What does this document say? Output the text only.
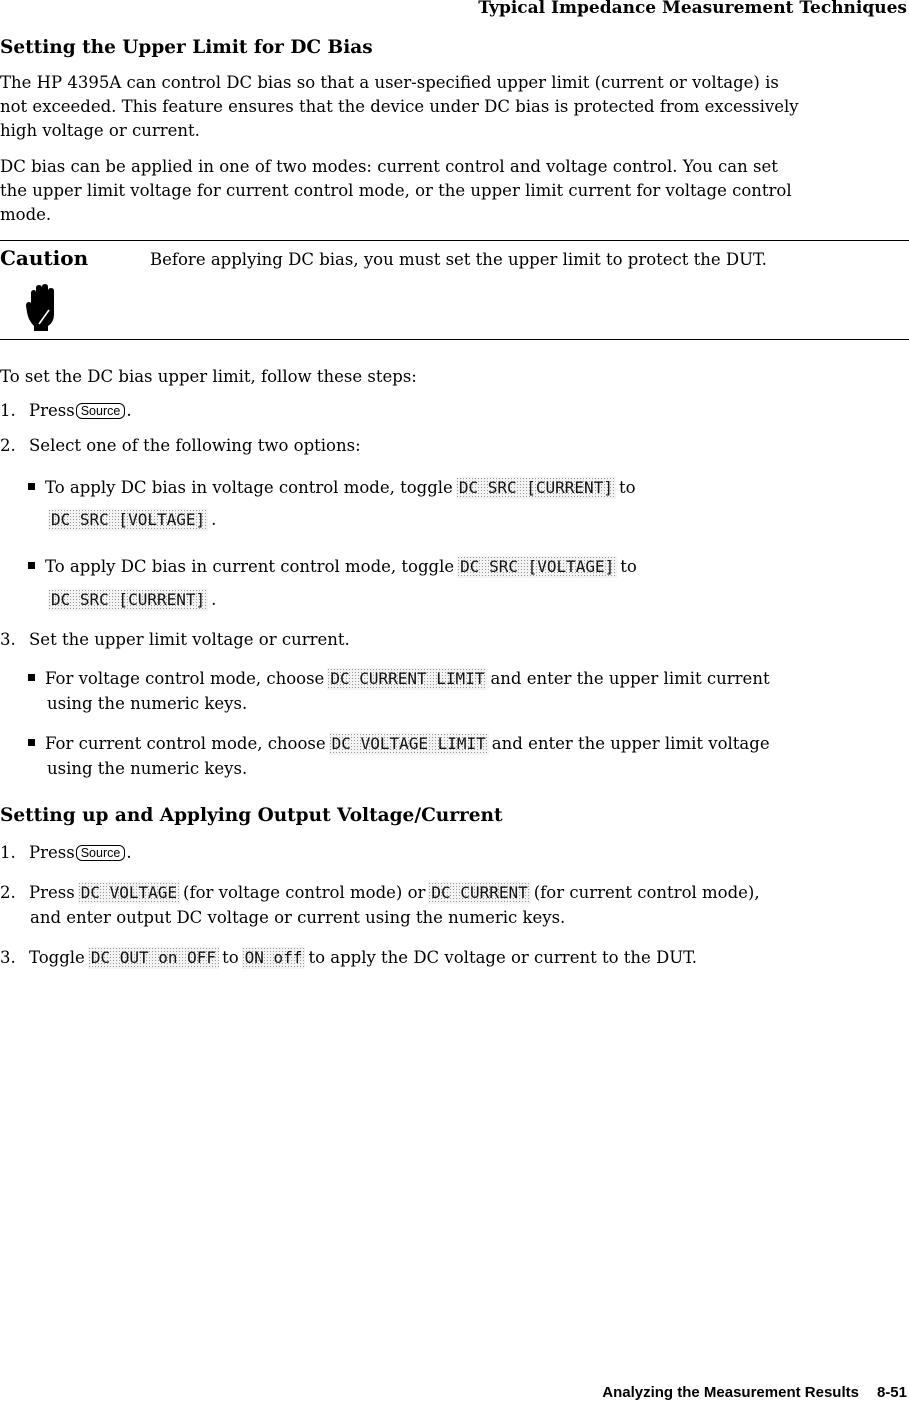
Typical Impedance Measurement Techniques
Setting the Upper Limit for DC Bias
The HP 4395A can control DC bias so that a user-specified upper limit (current or voltage) is
not exceeded. This feature ensures that the device under DC bias is protected from excessively
high voltage or current.
DC bias can be applied in one of two modes: current control and voltage control. You can set
the upper limit voltage for current control mode, or the upper limit current for voltage control
mode.
Caution	Before applying DC bias, you must set the upper limit to protect the DUT.
To set the DC bias upper limit, follow these steps:
1. Press Source .
2. Select one of the following two options:
To apply DC bias in voltage control mode, toggle DC SRC [CURRENT] to
DC SRC [VOLTAGE] .
To apply DC bias in current control mode, toggle DC SRC [VOLTAGE] to
DC SRC [CURRENT] .
3. Set the upper limit voltage or current.
For voltage control mode, choose DC CURRENT LIMIT and enter the upper limit current
using the numeric keys.
For current control mode, choose DC VOLTAGE LIMIT and enter the upper limit voltage
using the numeric keys.
Setting up and Applying Output Voltage/Current
1. Press Source .
2. Press DC VOLTAGE (for voltage control mode) or DC CURRENT (for current control mode),
and enter output DC voltage or current using the numeric keys.
3. Toggle DC OUT on OFF to ON off to apply the DC voltage or current to the DUT.
Analyzing the Measurement Results 8-51
